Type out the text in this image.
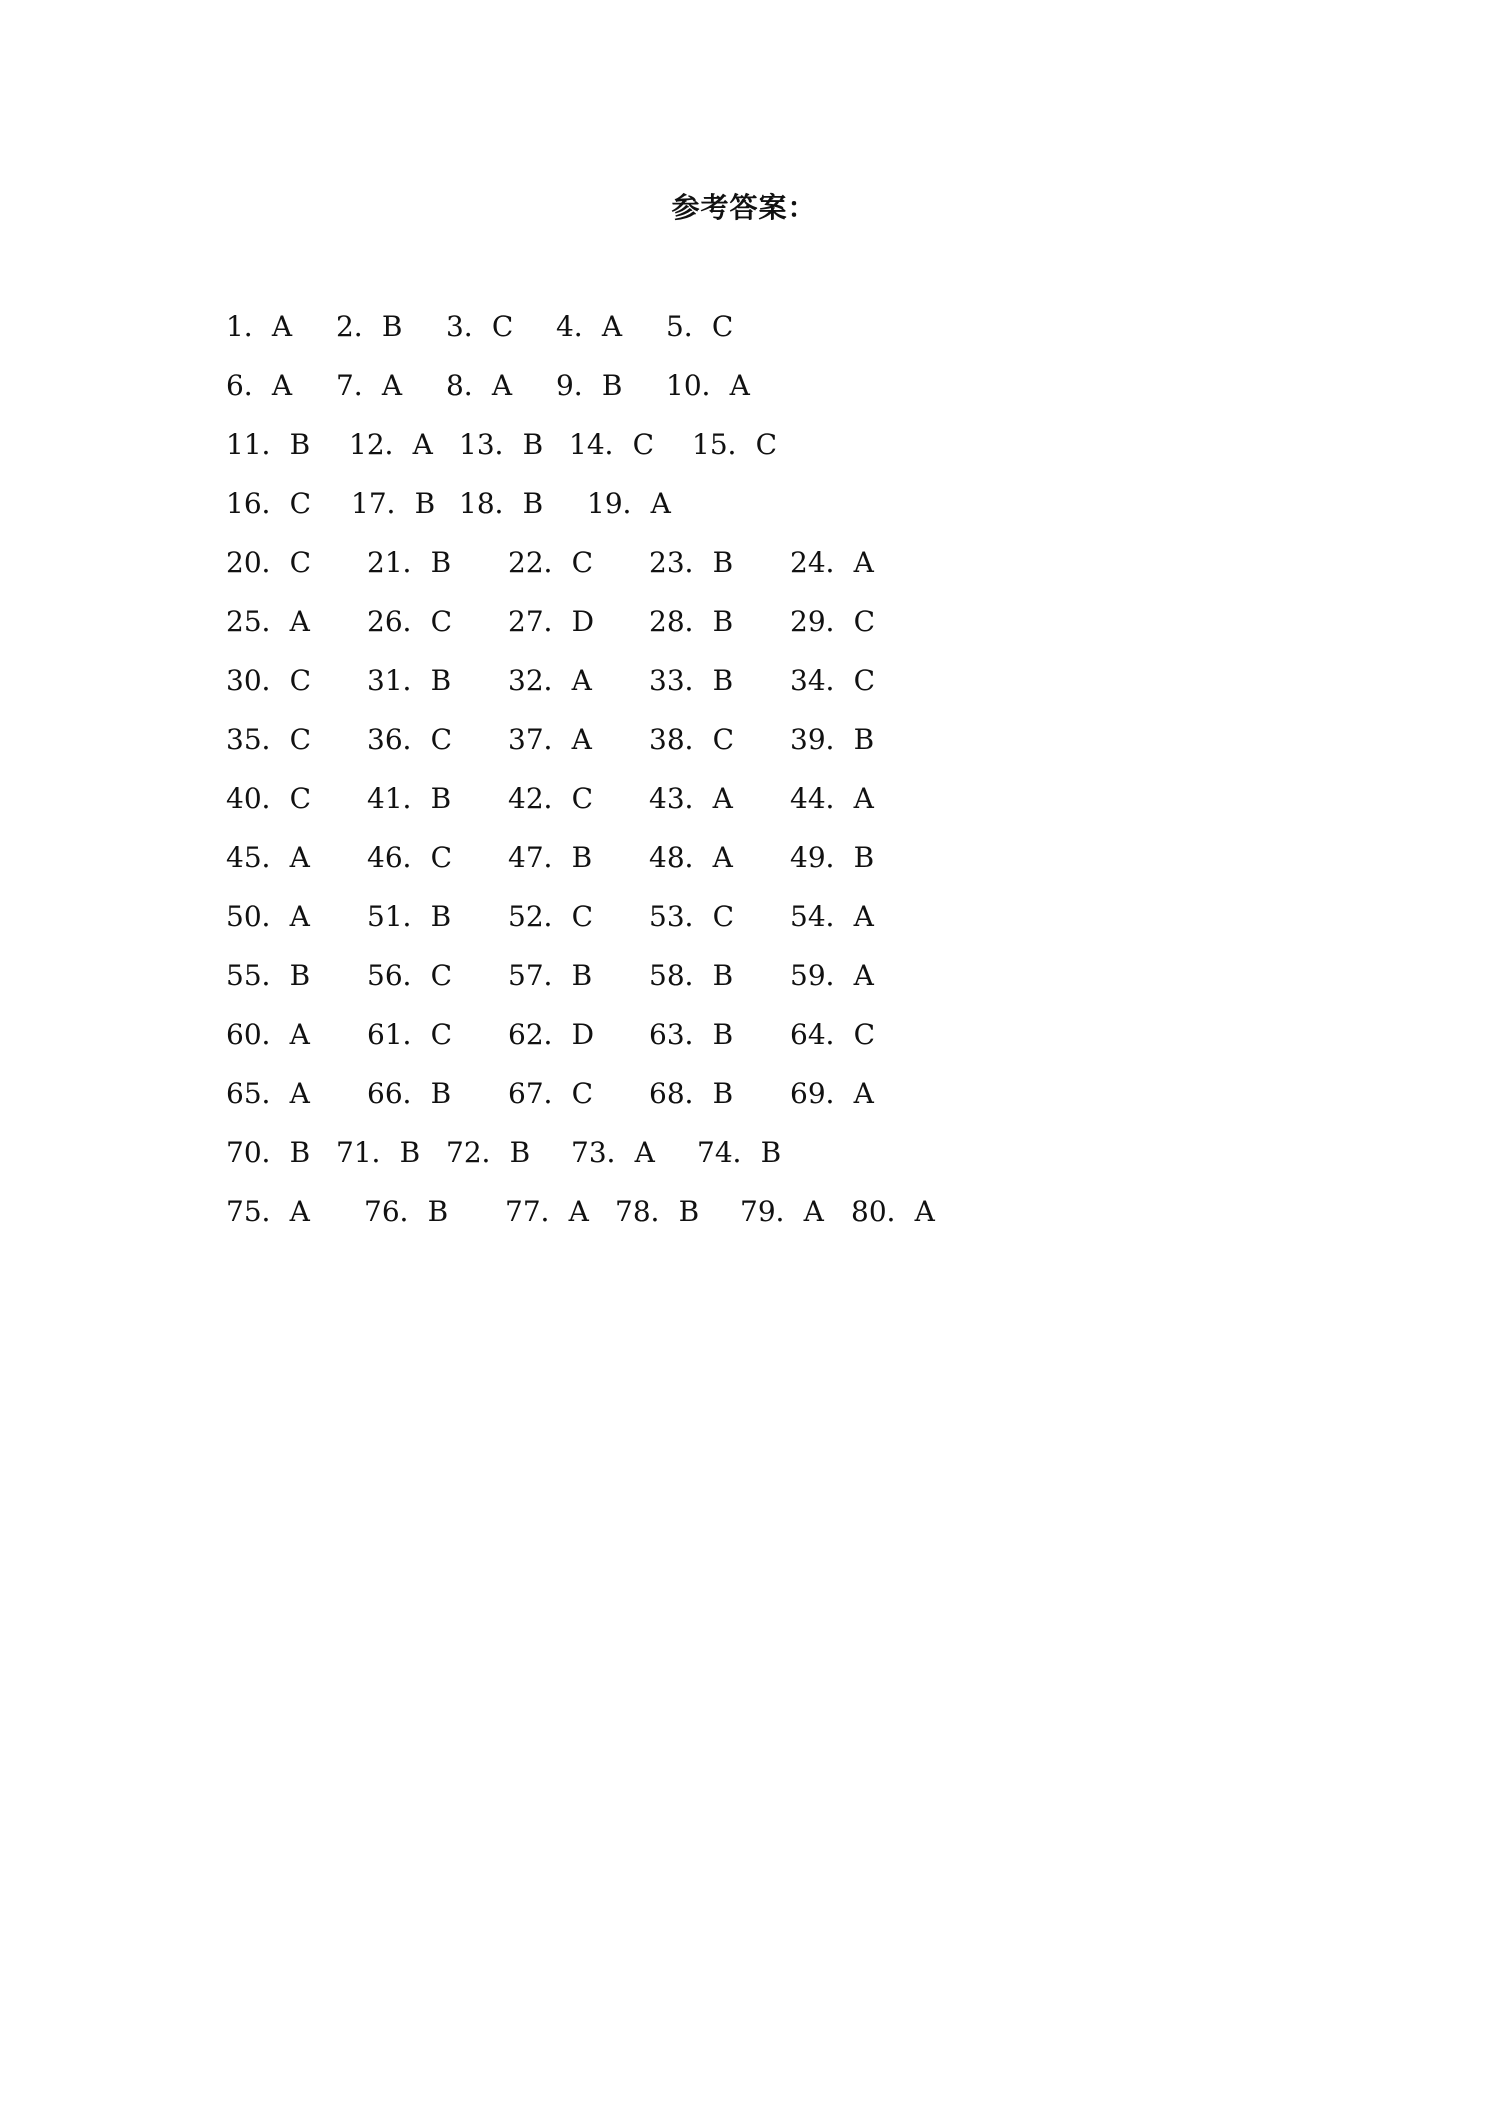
参考答案：
1．A 2．B 3．C 4．A 5．C
6．A 7．A 8．A 9．B 10．A
11．B 12．A 13．B 14．C 15．C
16．C 17．B 18．B 19．A
20．C 21．B 22．C 23．B 24．A
25．A 26．C 27．D 28．B 29．C
30．C 31．B 32．A 33．B 34．C
35．C 36．C 37．A 38．C 39．B
40．C 41．B 42．C 43．A 44．A
45．A 46．C 47．B 48．A 49．B
50．A 51．B 52．C 53．C 54．A
55．B 56．C 57．B 58．B 59．A
60．A 61．C 62．D 63．B 64．C
65．A 66．B 67．C 68．B 69．A
70．B 71．B 72．B 73．A 74．B
75．A 76．B 77．A 78．B 79．A 80．A
